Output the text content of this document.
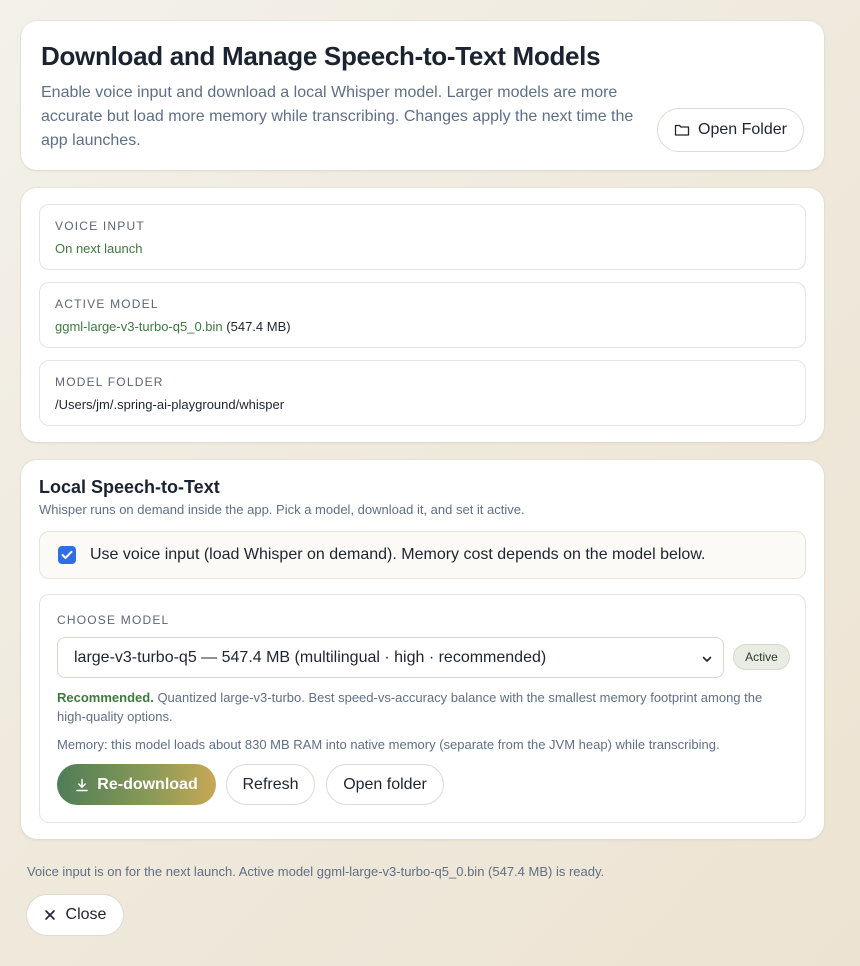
Download and Manage Speech-to-Text Models

Enable voice input and download a local Whisper model. Larger models are more accurate but load more memory while transcribing. Changes apply the next time the app launches.

Open Folder
VOICE INPUT
On next launch
ACTIVE MODEL
ggml-large-v3-turbo-q5_0.bin (547.4 MB)
MODEL FOLDER
/Users/jm/.spring-ai-playground/whisper
Local Speech-to-Text

Whisper runs on demand inside the app. Pick a model, download it, and set it active.

Use voice input (load Whisper on demand). Memory cost depends on the model below.
CHOOSE MODEL
large-v3-turbo-q5 — 547.4 MB (multilingual · high · recommended)	Active

Recommended. Quantized large-v3-turbo. Best speed-vs-accuracy balance with the smallest memory footprint among the high-quality options.

Memory: this model loads about 830 MB RAM into native memory (separate from the JVM heap) while transcribing.

Re-download	Refresh	Open folder

Voice input is on for the next launch. Active model ggml-large-v3-turbo-q5_0.bin (547.4 MB) is ready.

Close
